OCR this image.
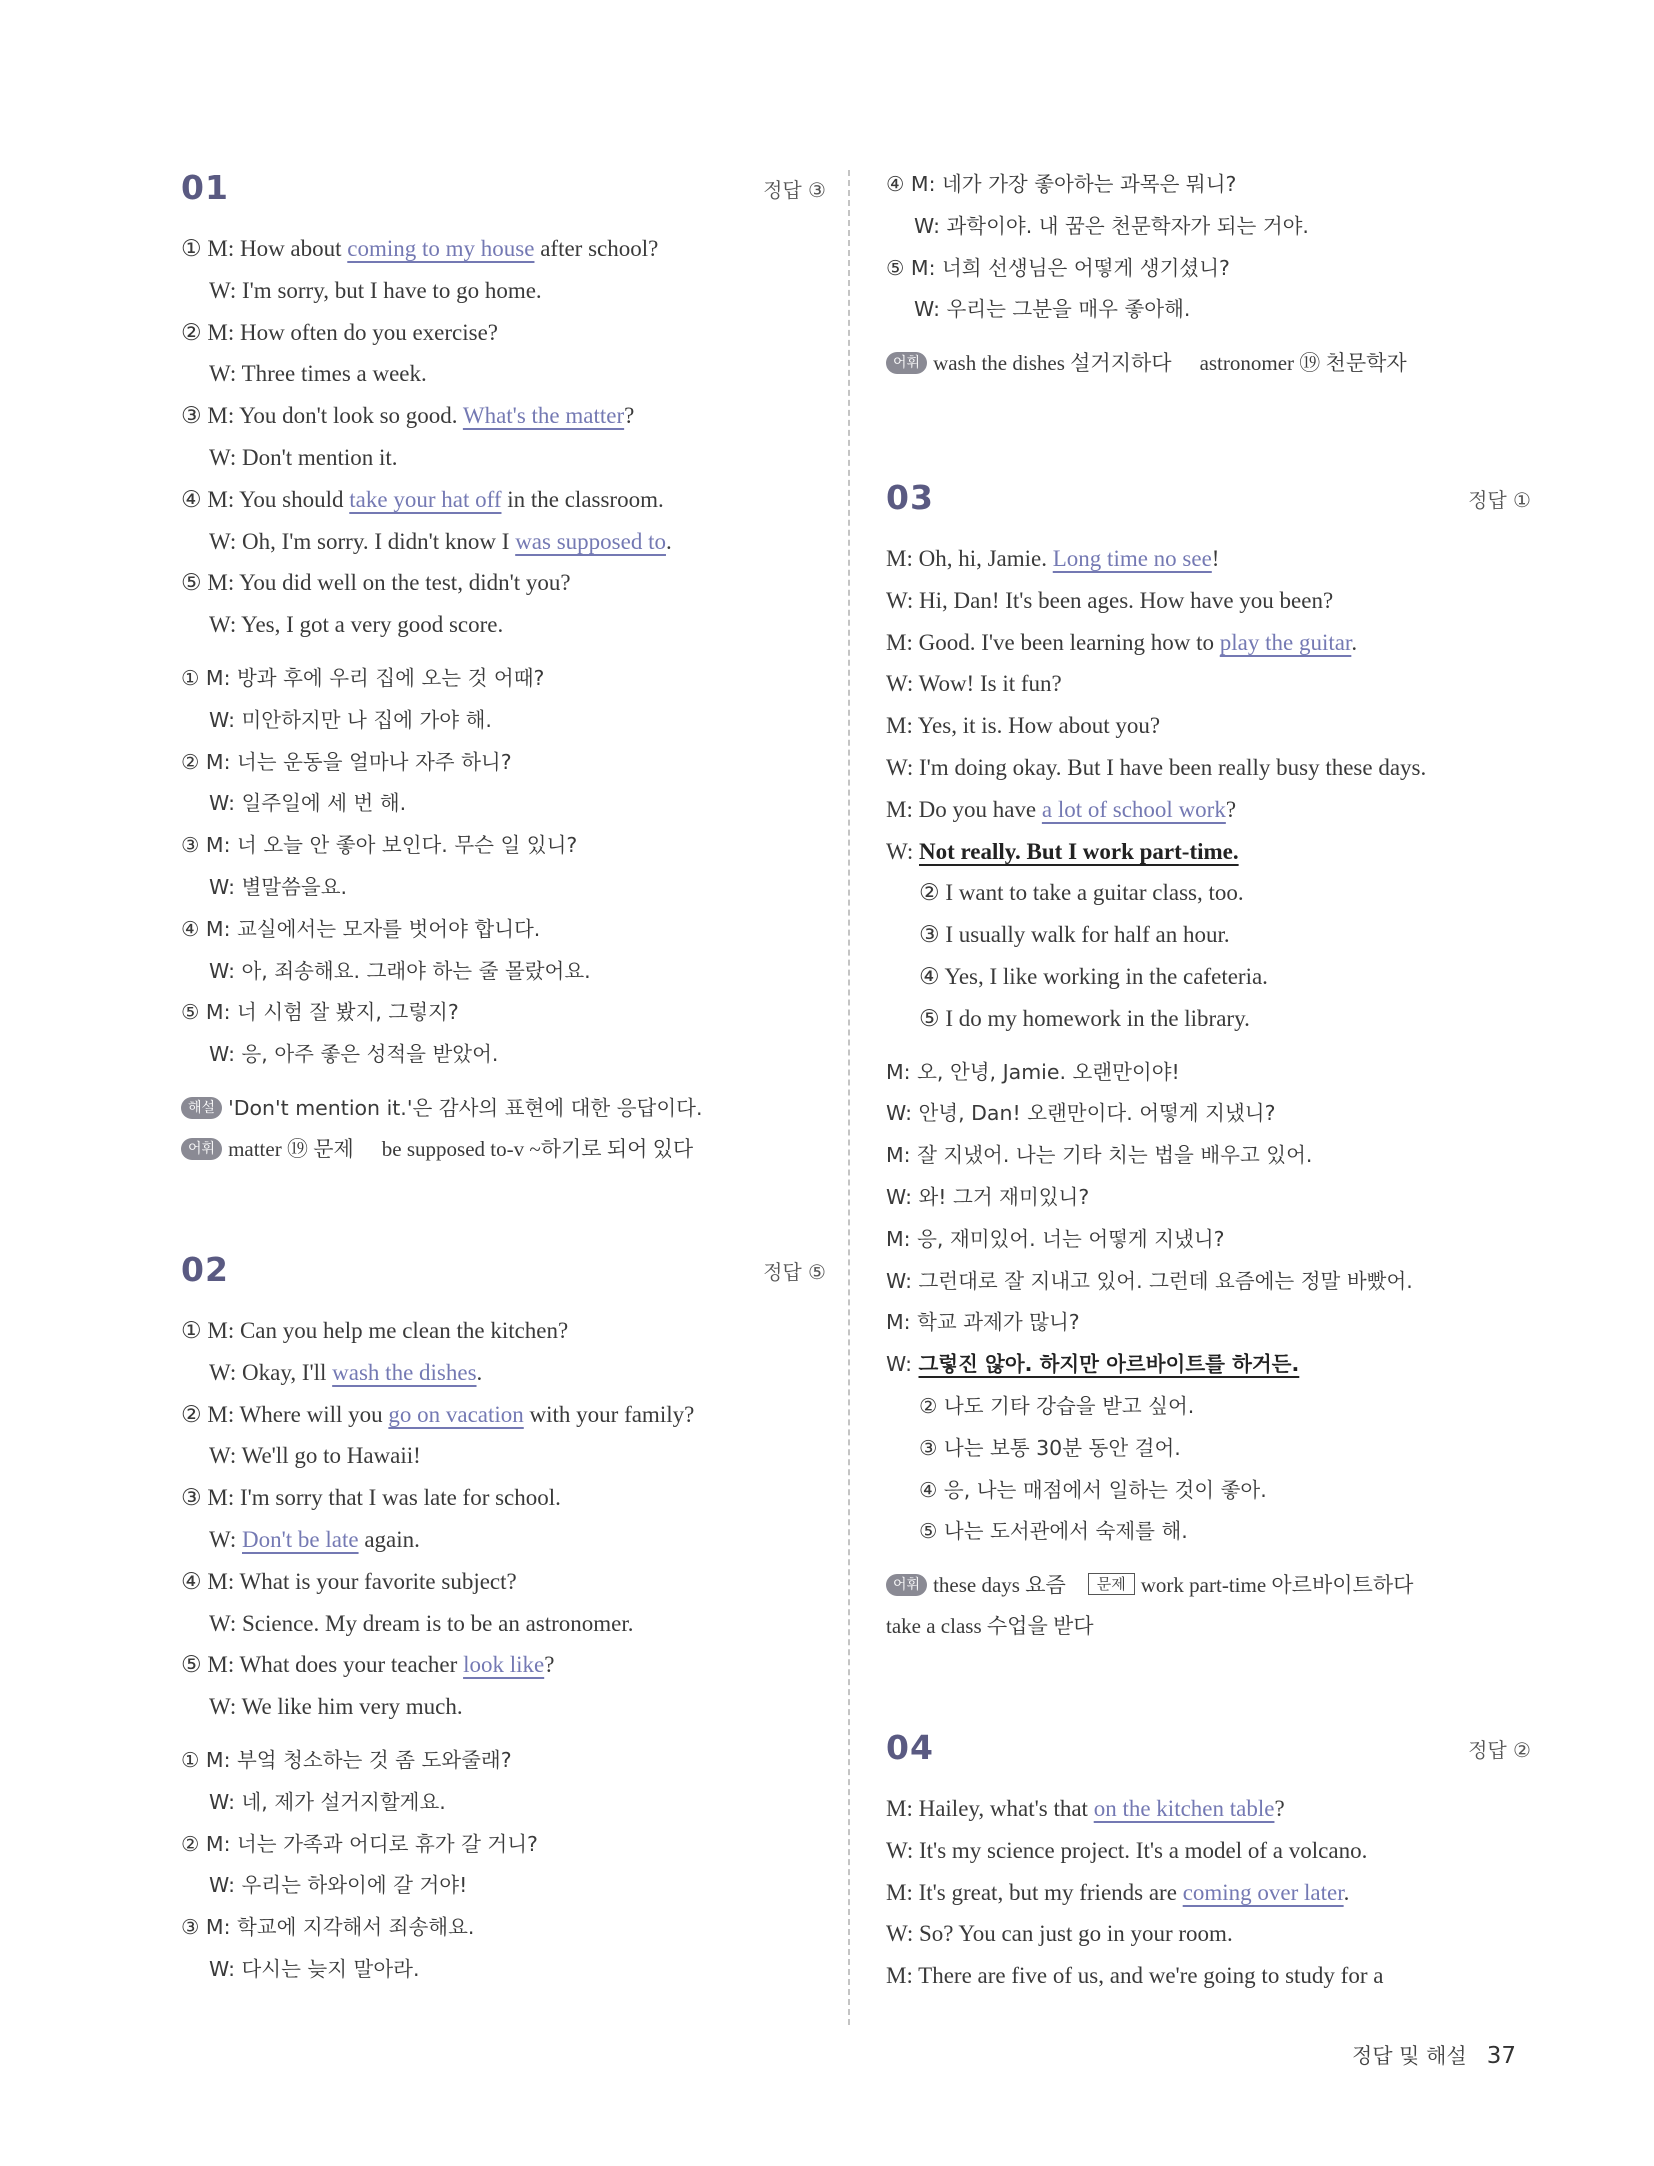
01	정답 ③
① M: How about coming to my house after school?
W: I'm sorry, but I have to go home.
② M: How often do you exercise?
W: Three times a week.
③ M: You don't look so good. What's the matter?
W: Don't mention it.
④ M: You should take your hat off in the classroom.
W: Oh, I'm sorry. I didn't know I was supposed to.
⑤ M: You did well on the test, didn't you?
W: Yes, I got a very good score.
① M: 방과 후에 우리 집에 오는 것 어때?
W: 미안하지만 나 집에 가야 해.
② M: 너는 운동을 얼마나 자주 하니?
W: 일주일에 세 번 해.
③ M: 너 오늘 안 좋아 보인다. 무슨 일 있니?
W: 별말씀을요.
④ M: 교실에서는 모자를 벗어야 합니다.
W: 아, 죄송해요. 그래야 하는 줄 몰랐어요.
⑤ M: 너 시험 잘 봤지, 그렇지?
W: 응, 아주 좋은 성적을 받았어.
해설 'Don't mention it.'은 감사의 표현에 대한 응답이다.
어휘 matter ⑲ 문제 be supposed to-v ~하기로 되어 있다
02	정답 ⑤
① M: Can you help me clean the kitchen?
W: Okay, I'll wash the dishes.
② M: Where will you go on vacation with your family?
W: We'll go to Hawaii!
③ M: I'm sorry that I was late for school.
W: Don't be late again.
④ M: What is your favorite subject?
W: Science. My dream is to be an astronomer.
⑤ M: What does your teacher look like?
W: We like him very much.
① M: 부엌 청소하는 것 좀 도와줄래?
W: 네, 제가 설거지할게요.
② M: 너는 가족과 어디로 휴가 갈 거니?
W: 우리는 하와이에 갈 거야!
③ M: 학교에 지각해서 죄송해요.
W: 다시는 늦지 말아라.
④ M: 네가 가장 좋아하는 과목은 뭐니?
W: 과학이야. 내 꿈은 천문학자가 되는 거야.
⑤ M: 너희 선생님은 어떻게 생기셨니?
W: 우리는 그분을 매우 좋아해.
어휘 wash the dishes 설거지하다 astronomer ⑲ 천문학자
03	정답 ①
M: Oh, hi, Jamie. Long time no see!
W: Hi, Dan! It's been ages. How have you been?
M: Good. I've been learning how to play the guitar.
W: Wow! Is it fun?
M: Yes, it is. How about you?
W: I'm doing okay. But I have been really busy these days.
M: Do you have a lot of school work?
W: Not really. But I work part-time.
② I want to take a guitar class, too.
③ I usually walk for half an hour.
④ Yes, I like working in the cafeteria.
⑤ I do my homework in the library.
M: 오, 안녕, Jamie. 오랜만이야!
W: 안녕, Dan! 오랜만이다. 어떻게 지냈니?
M: 잘 지냈어. 나는 기타 치는 법을 배우고 있어.
W: 와! 그거 재미있니?
M: 응, 재미있어. 너는 어떻게 지냈니?
W: 그런대로 잘 지내고 있어. 그런데 요즘에는 정말 바빴어.
M: 학교 과제가 많니?
W: 그렇진 않아. 하지만 아르바이트를 하거든.
② 나도 기타 강습을 받고 싶어.
③ 나는 보통 30분 동안 걸어.
④ 응, 나는 매점에서 일하는 것이 좋아.
⑤ 나는 도서관에서 숙제를 해.
어휘 these days 요즘 문제 work part-time 아르바이트하다
take a class 수업을 받다
04	정답 ②
M: Hailey, what's that on the kitchen table?
W: It's my science project. It's a model of a volcano.
M: It's great, but my friends are coming over later.
W: So? You can just go in your room.
M: There are five of us, and we're going to study for a
정답 및 해설 37
